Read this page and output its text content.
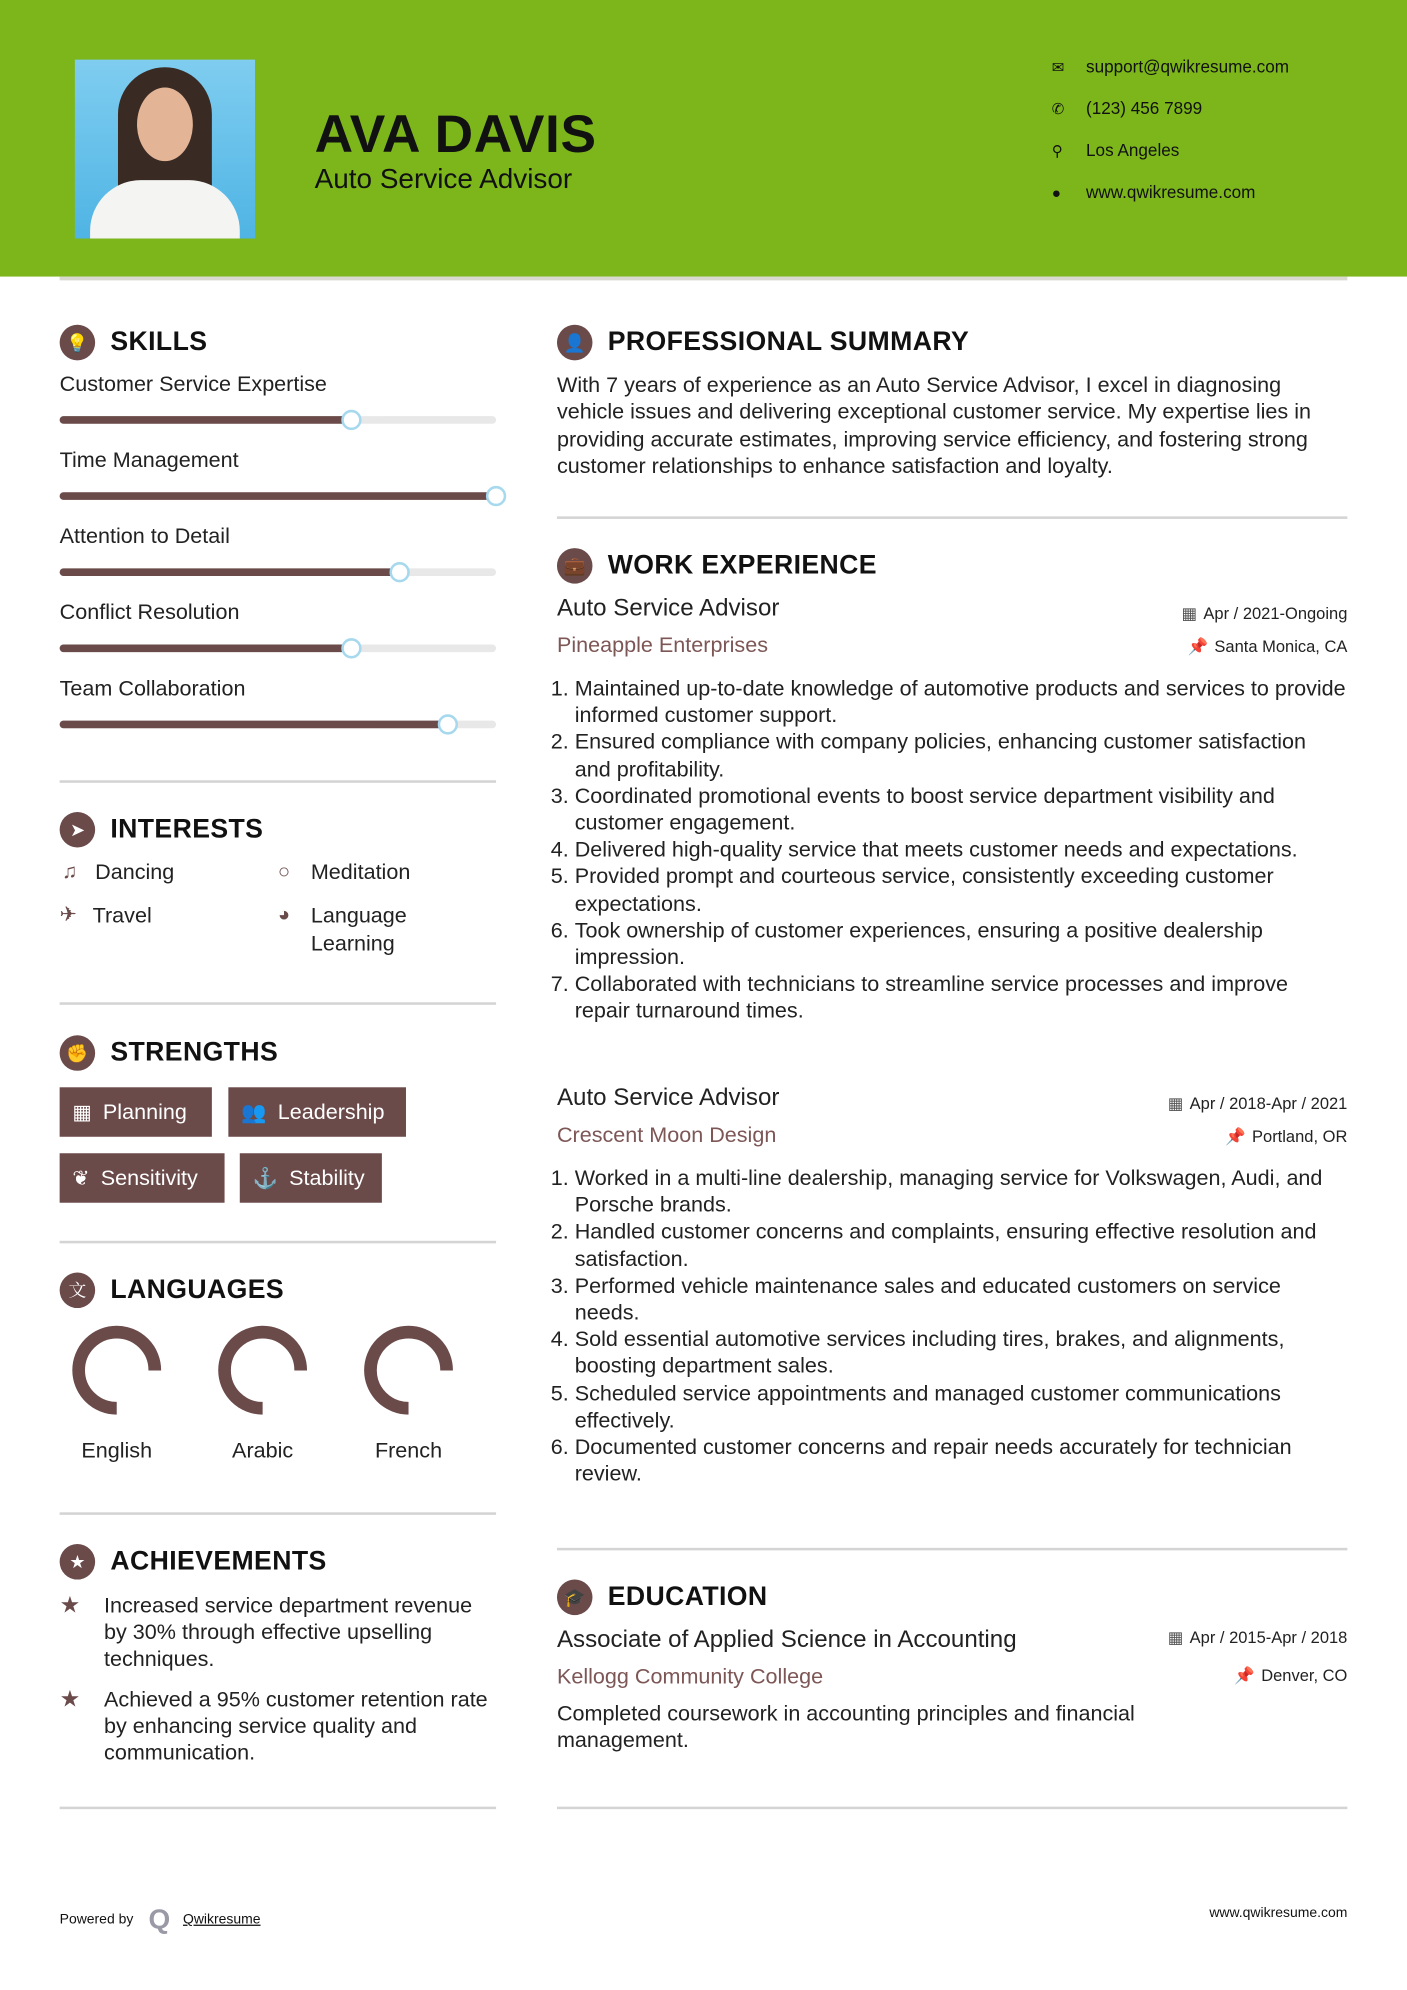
AVA DAVIS
Auto Service Advisor
✉	support@qwikresume.com
✆	(123) 456 7899
⚲	Los Angeles
●	www.qwikresume.com
💡	SKILLS
Customer Service Expertise
Time Management
Attention to Detail
Conflict Resolution
Team Collaboration
➤	INTERESTS
♫	Dancing	○	Meditation
✈ Travel	◕	Language Learning
✊	STRENGTHS
▦ Planning	👥 Leadership
❦ Sensitivity	⚓ Stability
文	LANGUAGES
English	Arabic	French
★	ACHIEVEMENTS
★	Increased service department revenue by 30% through effective upselling techniques.
★	Achieved a 95% customer retention rate by enhancing service quality and communication.
👤	PROFESSIONAL SUMMARY

With 7 years of experience as an Auto Service Advisor, I excel in diagnosing vehicle issues and delivering exceptional customer service. My expertise lies in providing accurate estimates, improving service efficiency, and fostering strong customer relationships to enhance satisfaction and loyalty.

💼	WORK EXPERIENCE
Auto Service Advisor	▦ Apr / 2021-Ongoing
Pineapple Enterprises	📌 Santa Monica, CA
1. Maintained up-to-date knowledge of automotive products and services to provide informed customer support.
2. Ensured compliance with company policies, enhancing customer satisfaction and profitability.
3. Coordinated promotional events to boost service department visibility and customer engagement.
4. Delivered high-quality service that meets customer needs and expectations.
5. Provided prompt and courteous service, consistently exceeding customer expectations.
6. Took ownership of customer experiences, ensuring a positive dealership impression.
7. Collaborated with technicians to streamline service processes and improve repair turnaround times.
Auto Service Advisor	▦ Apr / 2018-Apr / 2021
Crescent Moon Design	📌 Portland, OR
1. Worked in a multi-line dealership, managing service for Volkswagen, Audi, and Porsche brands.
2. Handled customer concerns and complaints, ensuring effective resolution and satisfaction.
3. Performed vehicle maintenance sales and educated customers on service needs.
4. Sold essential automotive services including tires, brakes, and alignments, boosting department sales.
5. Scheduled service appointments and managed customer communications effectively.
6. Documented customer concerns and repair needs accurately for technician review.
🎓	EDUCATION
Associate of Applied Science in Accounting	▦ Apr / 2015-Apr / 2018
Kellogg Community College	📌 Denver, CO

Completed coursework in accounting principles and financial management.

Powered by Q Qwikresume	www.qwikresume.com
